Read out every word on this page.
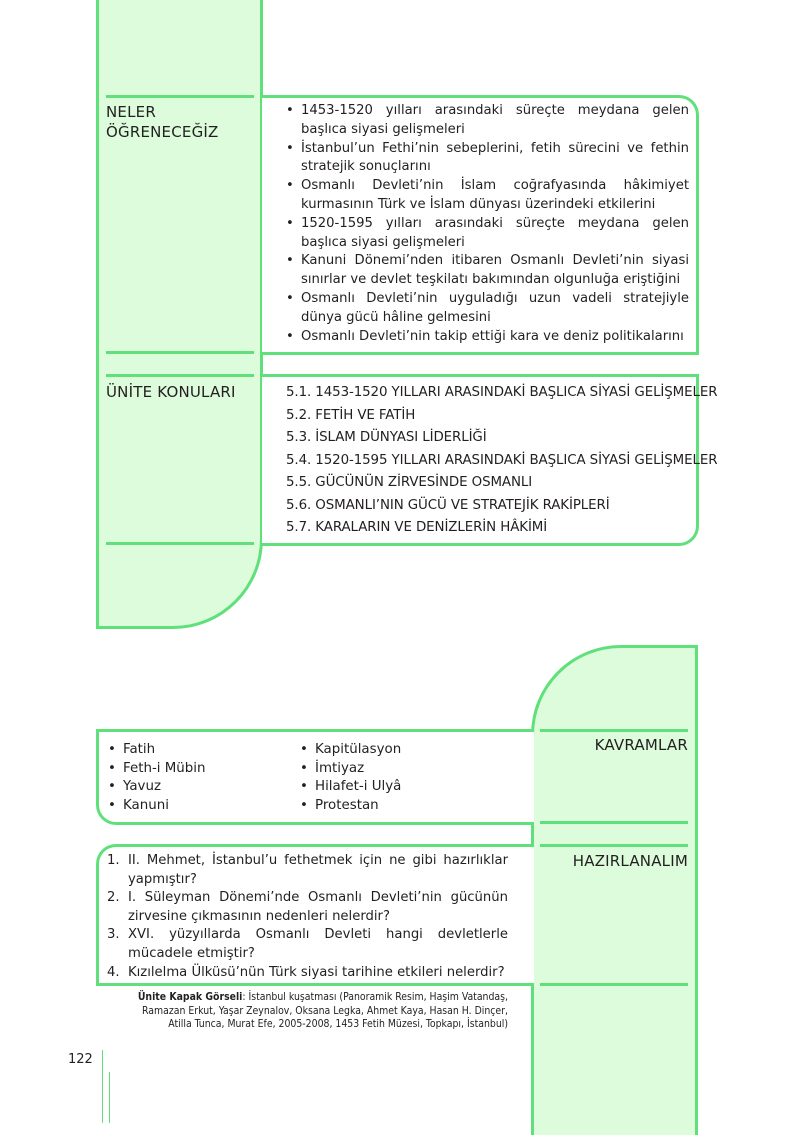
NELER
ÖĞRENECEĞİZ
ÜNİTE KONULARI
• 1453-1520 yılları arasındaki süreçte meydana gelen başlıca siyasi gelişmeleri
• İstanbul’un Fethi’nin sebeplerini, fetih sürecini ve fethin stratejik sonuçlarını
• Osmanlı Devleti’nin İslam coğrafyasında hâkimiyet kurmasının Türk ve İslam dünyası üzerindeki etkilerini
• 1520-1595 yılları arasındaki süreçte meydana gelen başlıca siyasi gelişmeleri
• Kanuni Dönemi’nden itibaren Osmanlı Devleti’nin siyasi sınırlar ve devlet teşkilatı bakımından olgunluğa eriştiğini
• Osmanlı Devleti’nin uyguladığı uzun vadeli stratejiyle dünya gücü hâline gelmesini
• Osmanlı Devleti’nin takip ettiği kara ve deniz politikalarını
5.1. 1453-1520 YILLARI ARASINDAKİ BAŞLICA SİYASİ GELİŞMELER
5.2. FETİH VE FATİH
5.3. İSLAM DÜNYASI LİDERLİĞİ
5.4. 1520-1595 YILLARI ARASINDAKİ BAŞLICA SİYASİ GELİŞMELER
5.5. GÜCÜNÜN ZİRVESİNDE OSMANLI
5.6. OSMANLI’NIN GÜCÜ VE STRATEJİK RAKİPLERİ
5.7. KARALARIN VE DENİZLERİN HÂKİMİ
KAVRAMLAR
HAZIRLANALIM
• Fatih
• Feth-i Mübin
• Yavuz
• Kanuni
• Kapitülasyon
• İmtiyaz
• Hilafet-i Ulyâ
• Protestan
1. II. Mehmet, İstanbul’u fethetmek için ne gibi hazırlıklar yapmıştır?
2. I. Süleyman Dönemi’nde Osmanlı Devleti’nin gücünün zirvesine çıkmasının nedenleri nelerdir?
3. XVI. yüzyıllarda Osmanlı Devleti hangi devletlerle mücadele etmiştir?
4. Kızılelma Ülküsü’nün Türk siyasi tarihine etkileri nelerdir?
Ünite Kapak Görseli: İstanbul kuşatması (Panoramik Resim, Haşim Vatandaş,
Ramazan Erkut, Yaşar Zeynalov, Oksana Legka, Ahmet Kaya, Hasan H. Dinçer,
Atilla Tunca, Murat Efe, 2005-2008, 1453 Fetih Müzesi, Topkapı, İstanbul)
122
